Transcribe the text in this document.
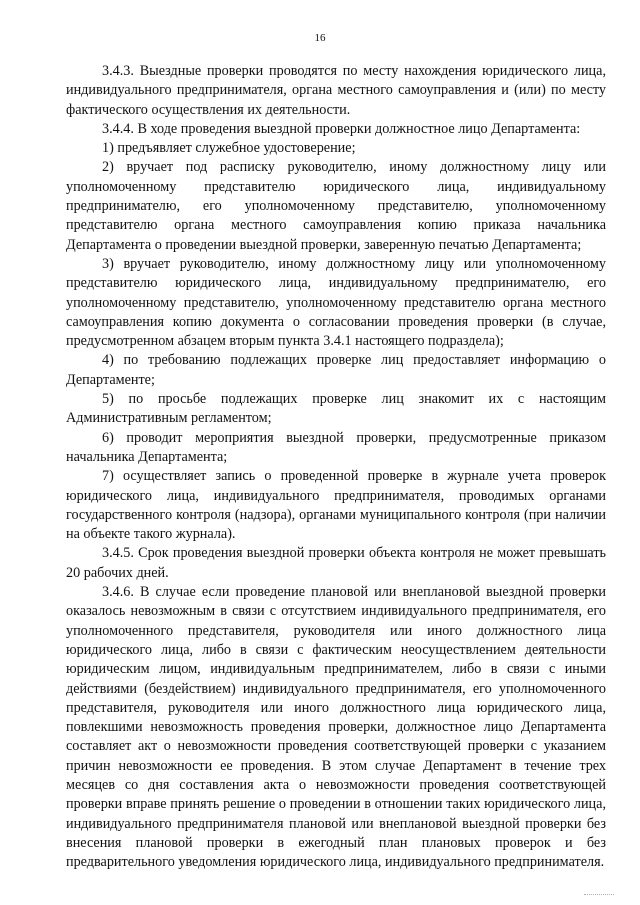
16

3.4.3. Выездные проверки проводятся по месту нахождения юридического лица, индивидуального предпринимателя, органа местного самоуправления и (или) по месту фактического осуществления их деятельности.

3.4.4. В ходе проведения выездной проверки должностное лицо Департамента:

1) предъявляет служебное удостоверение;

2) вручает под расписку руководителю, иному должностному лицу или уполномоченному представителю юридического лица, индивидуальному предпринимателю, его уполномоченному представителю, уполномоченному представителю органа местного самоуправления копию приказа начальника Департамента о проведении выездной проверки, заверенную печатью Департамента;

3) вручает руководителю, иному должностному лицу или уполномоченному представителю юридического лица, индивидуальному предпринимателю, его уполномоченному представителю, уполномоченному представителю органа местного самоуправления копию документа о согласовании проведения проверки (в случае, предусмотренном абзацем вторым пункта 3.4.1 настоящего подраздела);

4) по требованию подлежащих проверке лиц предоставляет информацию о Департаменте;

5) по просьбе подлежащих проверке лиц знакомит их с настоящим Административным регламентом;

6) проводит мероприятия выездной проверки, предусмотренные приказом начальника Департамента;

7) осуществляет запись о проведенной проверке в журнале учета проверок юридического лица, индивидуального предпринимателя, проводимых органами государственного контроля (надзора), органами муниципального контроля (при наличии на объекте такого журнала).

3.4.5. Срок проведения выездной проверки объекта контроля не может превышать 20 рабочих дней.

3.4.6. В случае если проведение плановой или внеплановой выездной проверки оказалось невозможным в связи с отсутствием индивидуального предпринимателя, его уполномоченного представителя, руководителя или иного должностного лица юридического лица, либо в связи с фактическим неосуществлением деятельности юридическим лицом, индивидуальным предпринимателем, либо в связи с иными действиями (бездействием) индивидуального предпринимателя, его уполномоченного представителя, руководителя или иного должностного лица юридического лица, повлекшими невозможность проведения проверки, должностное лицо Департамента составляет акт о невозможности проведения соответствующей проверки с указанием причин невозможности ее проведения. В этом случае Департамент в течение трех месяцев со дня составления акта о невозможности проведения соответствующей проверки вправе принять решение о проведении в отношении таких юридического лица, индивидуального предпринимателя плановой или внеплановой выездной проверки без внесения плановой проверки в ежегодный план плановых проверок и без предварительного уведомления юридического лица, индивидуального предпринимателя.
